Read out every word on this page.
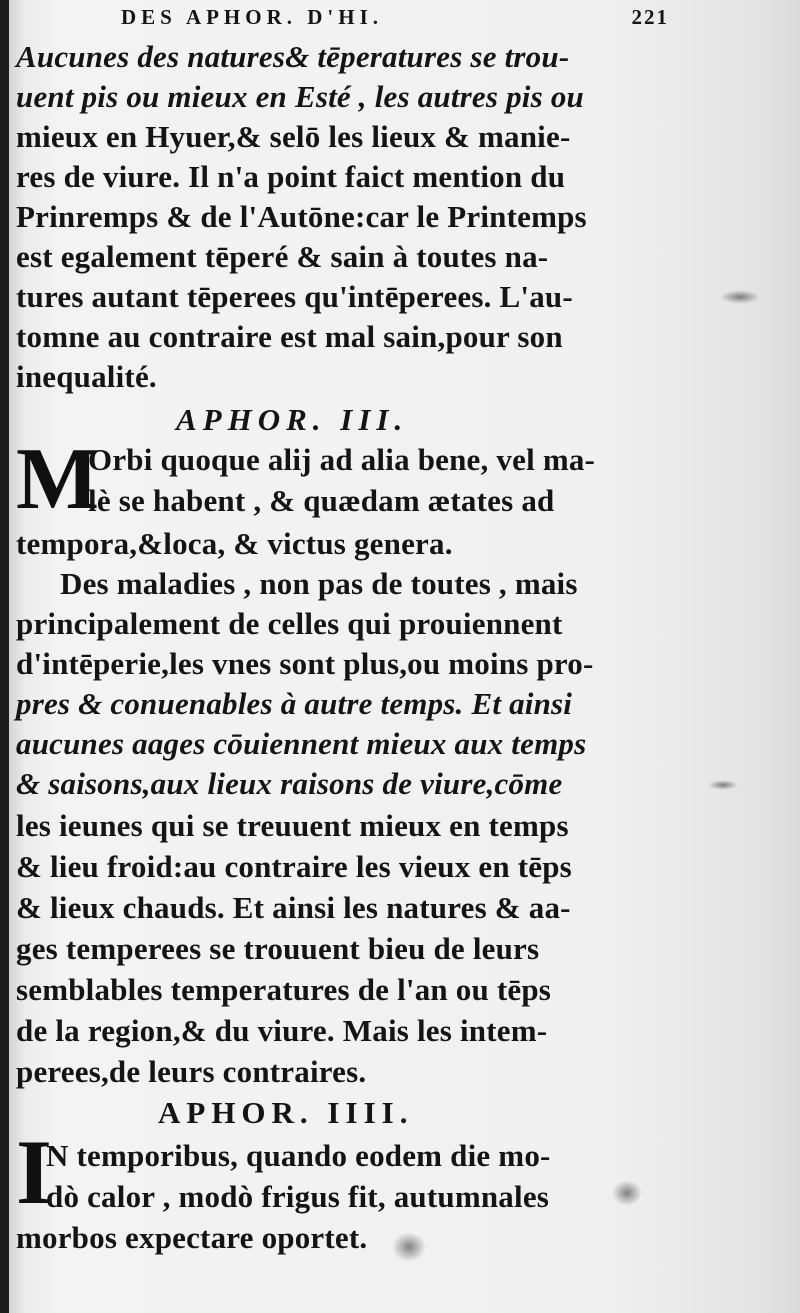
DES APHOR. D'HI.	221
Aucunes des natures& tēperatures se trou-
uent pis ou mieux en Esté , les autres pis ou
mieux en Hyuer,& selō les lieux & manie-
res de viure. Il n'a point faict mention du
Prinremps & de l'Autōne:car le Printemps
est egalement tēperé & sain à toutes na-
tures autant tēperees qu'intēperees. L'au-
tomne au contraire est mal sain,pour son
inequalité.
APHOR. III.
M
Orbi quoque alij ad alia bene, vel ma-
lè se habent , & quædam ætates ad
tempora,&loca, & victus genera.
Des maladies , non pas de toutes , mais
principalement de celles qui prouiennent
d'intēperie,les vnes sont plus,ou moins pro-
pres & conuenables à autre temps. Et ainsi
aucunes aages cōuiennent mieux aux temps
& saisons,aux lieux raisons de viure,cōme
les ieunes qui se treuuent mieux en temps
& lieu froid:au contraire les vieux en tēps
& lieux chauds. Et ainsi les natures & aa-
ges temperees se trouuent bieu de leurs
semblables temperatures de l'an ou tēps
de la region,& du viure. Mais les intem-
perees,de leurs contraires.
APHOR. IIII.
I
N temporibus, quando eodem die mo-
dò calor , modò frigus fit, autumnales
morbos expectare oportet.
